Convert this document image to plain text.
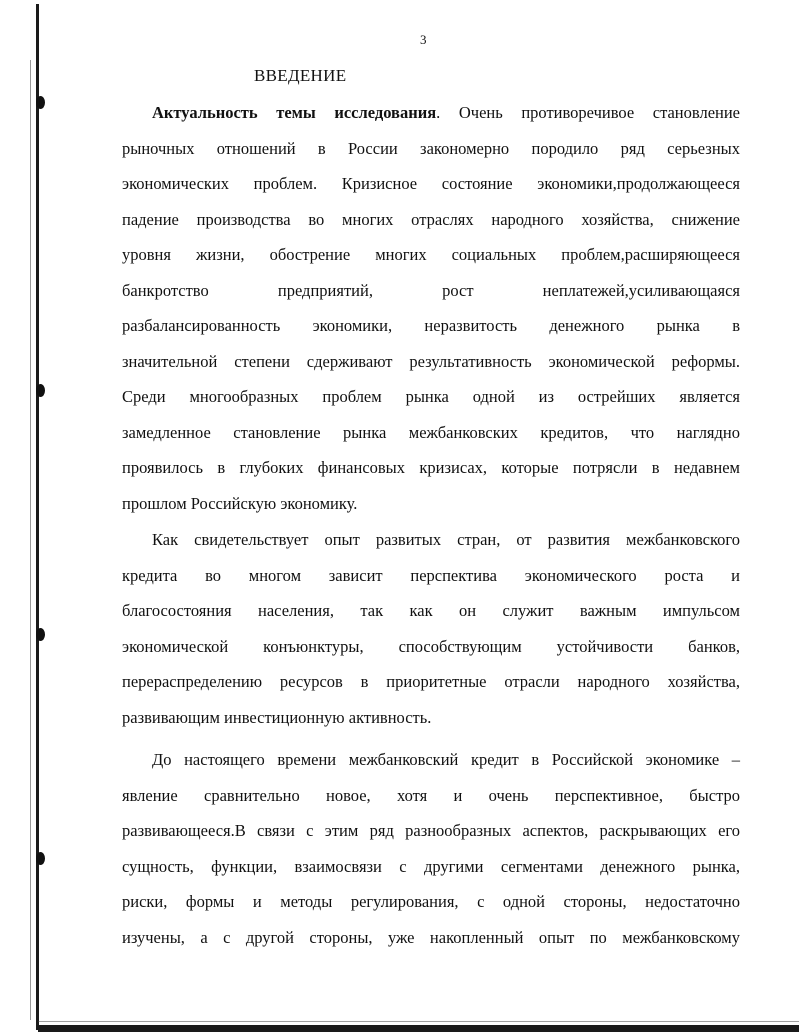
3
ВВЕДЕНИЕ
Актуальность темы исследования. Очень противоречивое становление
рыночных отношений в России закономерно породило ряд серьезных
экономических проблем. Кризисное состояние экономики,продолжающееся
падение производства во многих отраслях народного хозяйства, снижение
уровня жизни, обострение многих социальных проблем,расширяющееся
банкротство предприятий, рост неплатежей,усиливающаяся
разбалансированность экономики, неразвитость денежного рынка в
значительной степени сдерживают результативность экономической реформы.
Среди многообразных проблем рынка одной из острейших является
замедленное становление рынка межбанковских кредитов, что наглядно
проявилось в глубоких финансовых кризисах, которые потрясли в недавнем
прошлом Российскую экономику.
Как свидетельствует опыт развитых стран, от развития межбанковского
кредита во многом зависит перспектива экономического роста и
благосостояния населения, так как он служит важным импульсом
экономической конъюнктуры, способствующим устойчивости банков,
перераспределению ресурсов в приоритетные отрасли народного хозяйства,
развивающим инвестиционную активность.
До настоящего времени межбанковский кредит в Российской экономике –
явление сравнительно новое, хотя и очень перспективное, быстро
развивающееся.В связи с этим ряд разнообразных аспектов, раскрывающих его
сущность, функции, взаимосвязи с другими сегментами денежного рынка,
риски, формы и методы регулирования, с одной стороны, недостаточно
изучены, а с другой стороны, уже накопленный опыт по межбанковскому
